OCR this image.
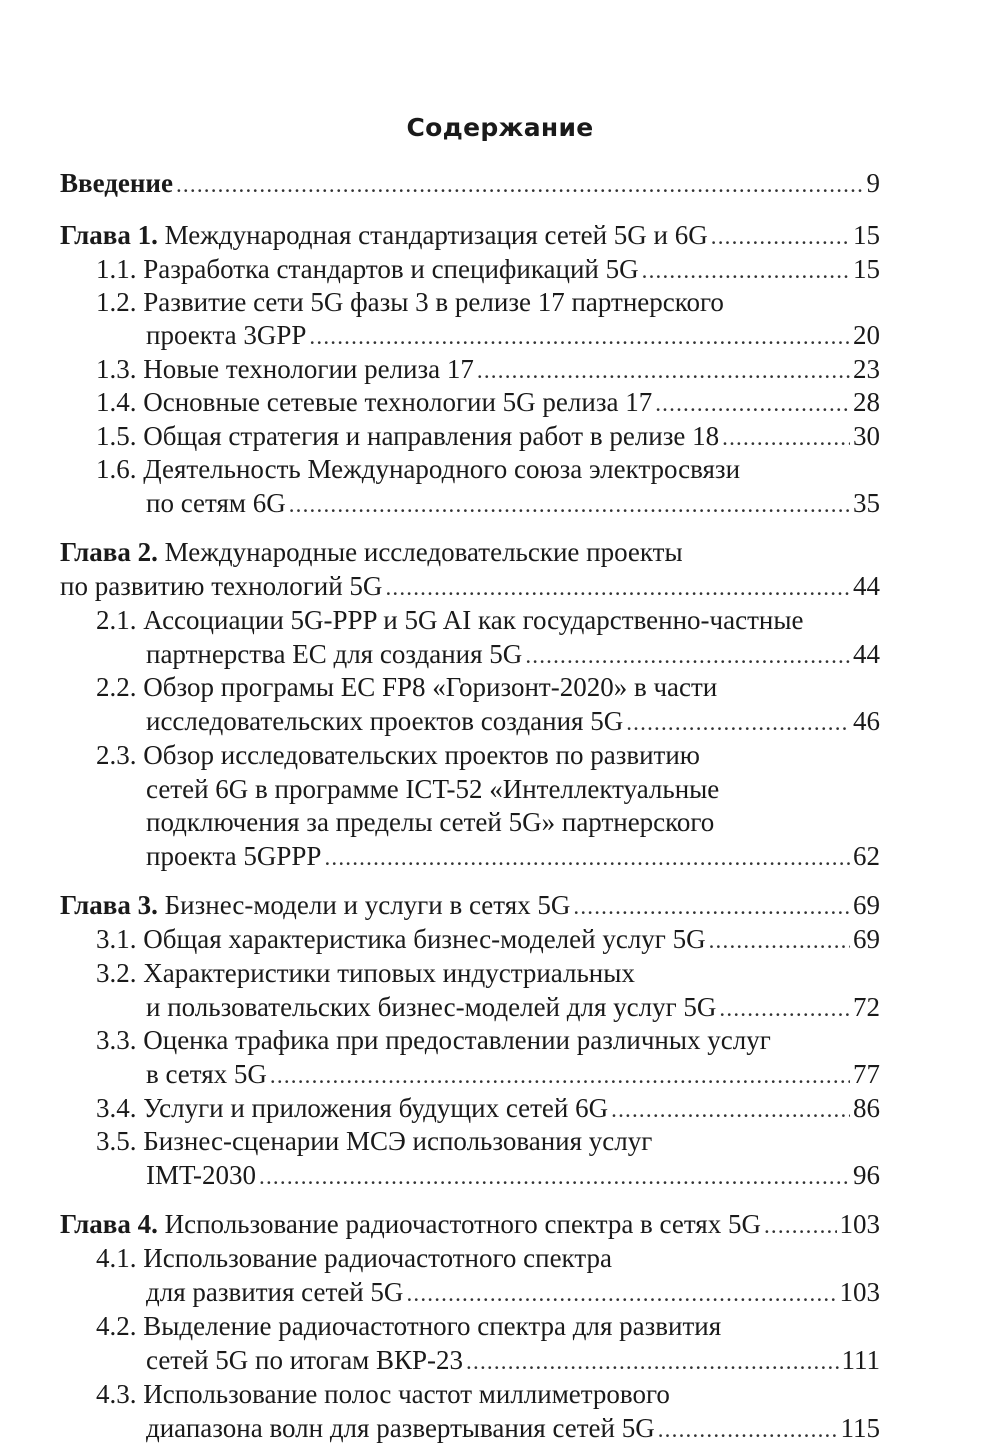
Содержание
Введение .....	9
Глава 1. Международная стандартизация сетей 5G и 6G .....	15
1.1. Разработка стандартов и спецификаций 5G .....	15
1.2. Развитие сети 5G фазы 3 в релизе 17 партнерского
проекта 3GPP .....	20
1.3. Новые технологии релиза 17 .....	23
1.4. Основные сетевые технологии 5G релиза 17 .....	28
1.5. Общая стратегия и направления работ в релизе 18 .....	30
1.6. Деятельность Международного союза электросвязи
по сетям 6G .....	35
Глава 2. Международные исследовательские проекты
по развитию технологий 5G .....	44
2.1. Ассоциации 5G-PPP и 5G AI как государственно-частные
партнерства ЕС для создания 5G .....	44
2.2. Обзор програмы ЕС FP8 «Горизонт-2020» в части
исследовательских проектов создания 5G .....	46
2.3. Обзор исследовательских проектов по развитию
сетей 6G в программе ICT-52 «Интеллектуальные
подключения за пределы сетей 5G» партнерского
проекта 5GPPP .....	62
Глава 3. Бизнес-модели и услуги в сетях 5G .....	69
3.1. Общая характеристика бизнес-моделей услуг 5G .....	69
3.2. Характеристики типовых индустриальных
и пользовательских бизнес-моделей для услуг 5G .....	72
3.3. Оценка трафика при предоставлении различных услуг
в сетях 5G .....	77
3.4. Услуги и приложения будущих сетей 6G .....	86
3.5. Бизнес-сценарии МСЭ использования услуг
IMT-2030 .....	96
Глава 4. Использование радиочастотного спектра в сетях 5G .....	103
4.1. Использование радиочастотного спектра
для развития сетей 5G .....	103
4.2. Выделение радиочастотного спектра для развития
сетей 5G по итогам ВКР-23 .....	111
4.3. Использование полос частот миллиметрового
диапазона волн для развертывания сетей 5G .....	115
